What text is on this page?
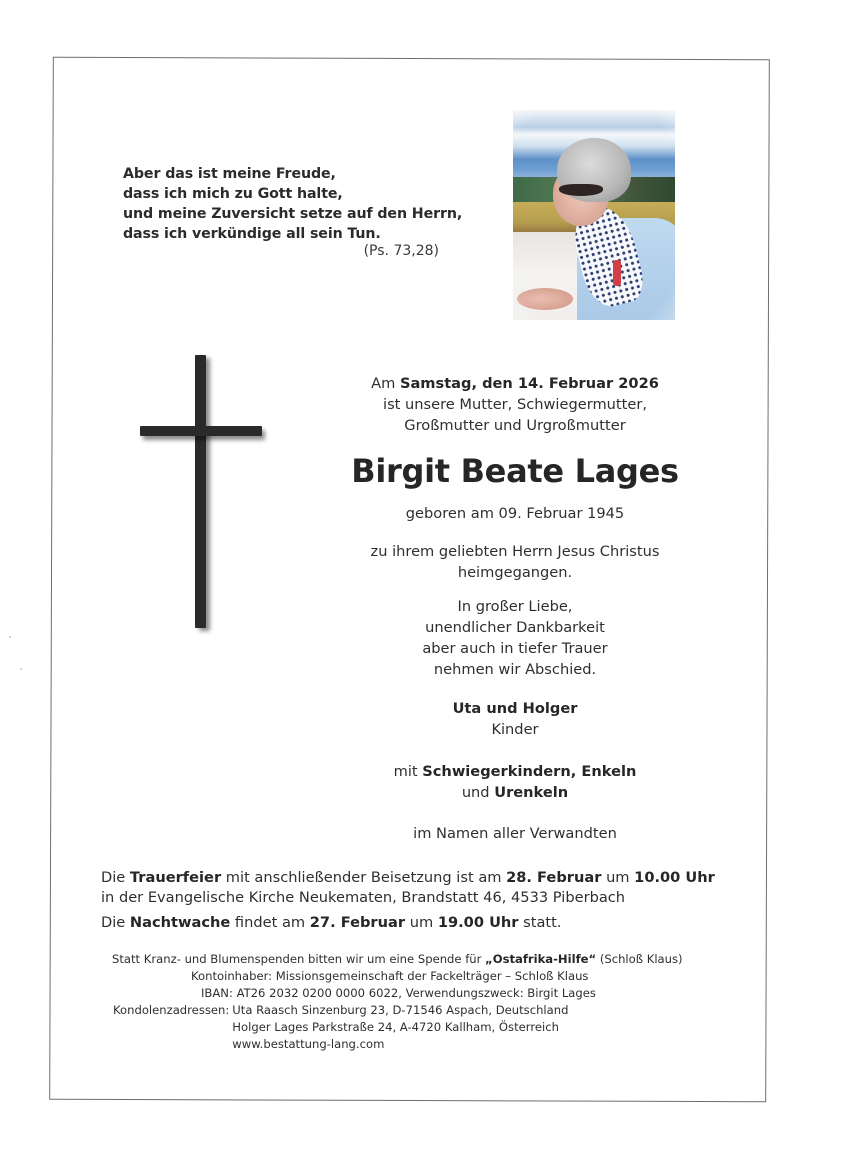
Aber das ist meine Freude,
dass ich mich zu Gott halte,
und meine Zuversicht setze auf den Herrn,
dass ich verkündige all sein Tun.
(Ps. 73,28)
Am Samstag, den 14. Februar 2026
ist unsere Mutter, Schwiegermutter,
Großmutter und Urgroßmutter
Birgit Beate Lages
geboren am 09. Februar 1945
zu ihrem geliebten Herrn Jesus Christus
heimgegangen.
In großer Liebe,
unendlicher Dankbarkeit
aber auch in tiefer Trauer
nehmen wir Abschied.
Uta und Holger
Kinder
mit Schwiegerkindern, Enkeln
und Urenkeln
im Namen aller Verwandten
Die Trauerfeier mit anschließender Beisetzung ist am 28. Februar um 10.00 Uhr
in der Evangelische Kirche Neukematen, Brandstatt 46, 4533 Piberbach
Die Nachtwache findet am 27. Februar um 19.00 Uhr statt.
Statt Kranz- und Blumenspenden bitten wir um eine Spende für „Ostafrika-Hilfe“ (Schloß Klaus)
Kontoinhaber: Missionsgemeinschaft der Fackelträger – Schloß Klaus
IBAN: AT26 2032 0200 0000 6022, Verwendungszweck: Birgit Lages
Kondolenzadressen: Uta Raasch Sinzenburg 23, D-71546 Aspach, Deutschland
Holger Lages Parkstraße 24, A-4720 Kallham, Österreich
www.bestattung-lang.com
